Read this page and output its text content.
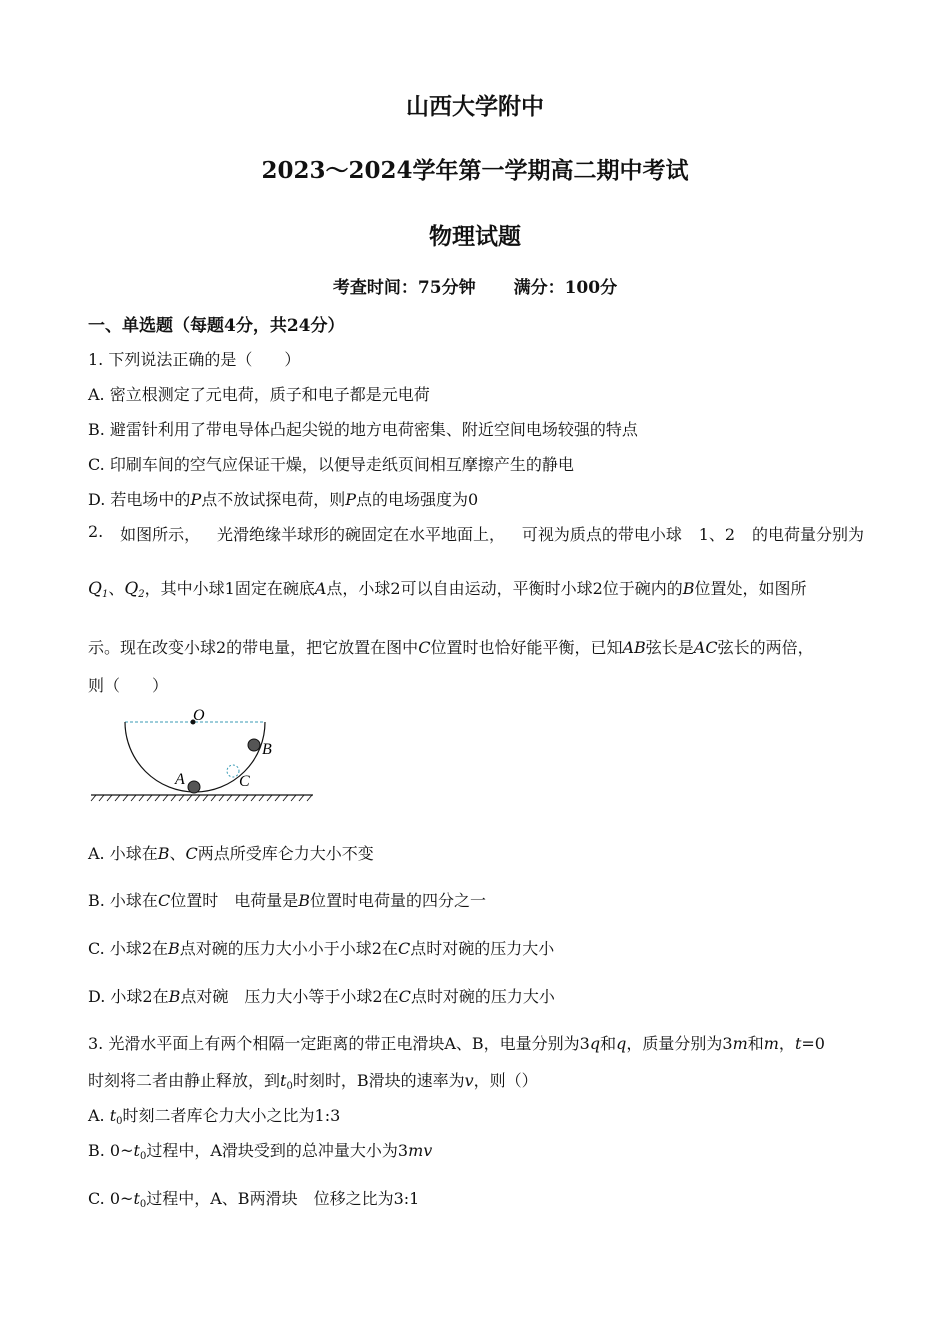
山西大学附中
2023～2024学年第一学期高二期中考试
物理试题
考查时间：75分钟 满分：100分
一、单选题（每题4分，共24分）
1. 下列说法正确的是（　　）
A. 密立根测定了元电荷，质子和电子都是元电荷
B. 避雷针利用了带电导体凸起尖锐的地方电荷密集、附近空间电场较强的特点
C. 印刷车间的空气应保证干燥，以便导走纸页间相互摩擦产生的静电
D. 若电场中的P点不放试探电荷，则P点的电场强度为0
2. 如图所示， 光滑绝缘半球形的碗固定在水平地面上， 可视为质点的带电小球 1、2 的电荷量分别为
$Q_1$、$Q_2$，其中小球1固定在碗底A点，小球2可以自由运动，平衡时小球2位于碗内的B位置处，如图所
示。现在改变小球2的带电量，把它放置在图中C位置时也恰好能平衡，已知AB弦长是AC弦长的两倍，
则（　　）
O
B
C
A
A. 小球在B、C两点所受库仑力大小不变
B. 小球在C位置时　电荷量是B位置时电荷量的四分之一
C. 小球2在B点对碗的压力大小小于小球2在C点时对碗的压力大小
D. 小球2在B点对碗　压力大小等于小球2在C点时对碗的压力大小
3. 光滑水平面上有两个相隔一定距离的带正电滑块A、B，电量分别为3q和q，质量分别为3m和m，t=0
时刻将二者由静止释放，到$t_0$时刻时，B滑块的速率为v，则（）
A. $t_0$时刻二者库仑力大小之比为1:3
B. $0\sim t_0$过程中，A滑块受到的总冲量大小为3mv
C. $0\sim t_0$过程中，A、B两滑块　位移之比为3:1
